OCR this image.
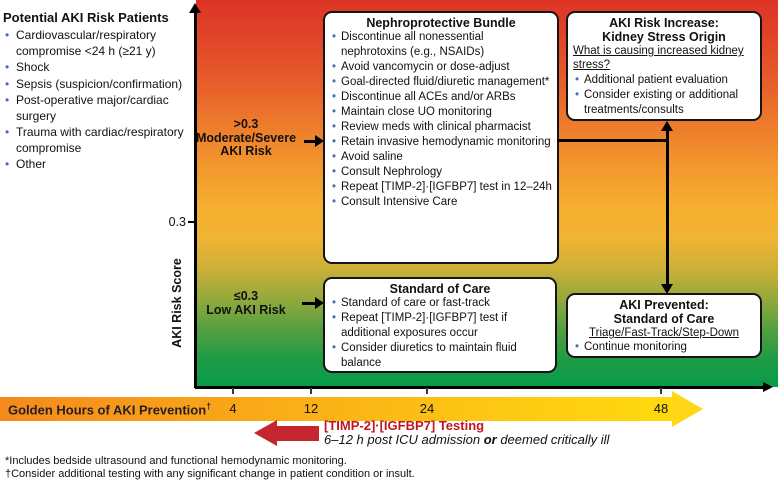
Potential AKI Risk Patients
• Cardiovascular/respiratory compromise <24 h (≥21 y)
• Shock
• Sepsis (suspicion/confirmation)
• Post-operative major/cardiac surgery
• Trauma with cardiac/respiratory compromise
• Other
0.3
AKI Risk Score
>0.3
Moderate/Severe
AKI Risk
≤0.3
Low AKI Risk
Nephroprotective Bundle
• Discontinue all nonessential nephrotoxins (e.g., NSAIDs)
• Avoid vancomycin or dose-adjust
• Goal-directed fluid/diuretic management*
• Discontinue all ACEs and/or ARBs
• Maintain close UO monitoring
• Review meds with clinical pharmacist
• Retain invasive hemodynamic monitoring
• Avoid saline
• Consult Nephrology
• Repeat [TIMP-2]·[IGFBP7] test in 12–24h
• Consult Intensive Care
AKI Risk Increase:
Kidney Stress Origin
What is causing increased kidney stress?
• Additional patient evaluation
• Consider existing or additional treatments/consults
Standard of Care
• Standard of care or fast-track
• Repeat [TIMP-2]·[IGFBP7] test if additional exposures occur
• Consider diuretics to maintain fluid balance
AKI Prevented:
Standard of Care
Triage/Fast-Track/Step-Down
• Continue monitoring
Golden Hours of AKI Prevention† 4	12	24	48
[TIMP-2]·[IGFBP7] Testing
6–12 h post ICU admission or deemed critically ill
*Includes bedside ultrasound and functional hemodynamic monitoring.
†Consider additional testing with any significant change in patient condition or insult.
